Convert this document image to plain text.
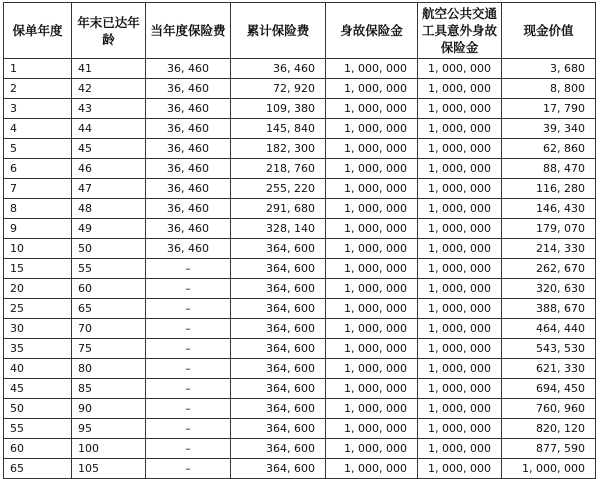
保单年度	年末已达年龄	当年度保险费	累计保险费	身故保险金	航空公共交通工具意外身故保险金	现金价值
1	41	36, 460	36, 460	1, 000, 000	1, 000, 000	3, 680
2	42	36, 460	72, 920	1, 000, 000	1, 000, 000	8, 800
3	43	36, 460	109, 380	1, 000, 000	1, 000, 000	17, 790
4	44	36, 460	145, 840	1, 000, 000	1, 000, 000	39, 340
5	45	36, 460	182, 300	1, 000, 000	1, 000, 000	62, 860
6	46	36, 460	218, 760	1, 000, 000	1, 000, 000	88, 470
7	47	36, 460	255, 220	1, 000, 000	1, 000, 000	116, 280
8	48	36, 460	291, 680	1, 000, 000	1, 000, 000	146, 430
9	49	36, 460	328, 140	1, 000, 000	1, 000, 000	179, 070
10	50	36, 460	364, 600	1, 000, 000	1, 000, 000	214, 330
15	55	–	364, 600	1, 000, 000	1, 000, 000	262, 670
20	60	–	364, 600	1, 000, 000	1, 000, 000	320, 630
25	65	–	364, 600	1, 000, 000	1, 000, 000	388, 670
30	70	–	364, 600	1, 000, 000	1, 000, 000	464, 440
35	75	–	364, 600	1, 000, 000	1, 000, 000	543, 530
40	80	–	364, 600	1, 000, 000	1, 000, 000	621, 330
45	85	–	364, 600	1, 000, 000	1, 000, 000	694, 450
50	90	–	364, 600	1, 000, 000	1, 000, 000	760, 960
55	95	–	364, 600	1, 000, 000	1, 000, 000	820, 120
60	100	–	364, 600	1, 000, 000	1, 000, 000	877, 590
65	105	–	364, 600	1, 000, 000	1, 000, 000	1, 000, 000
